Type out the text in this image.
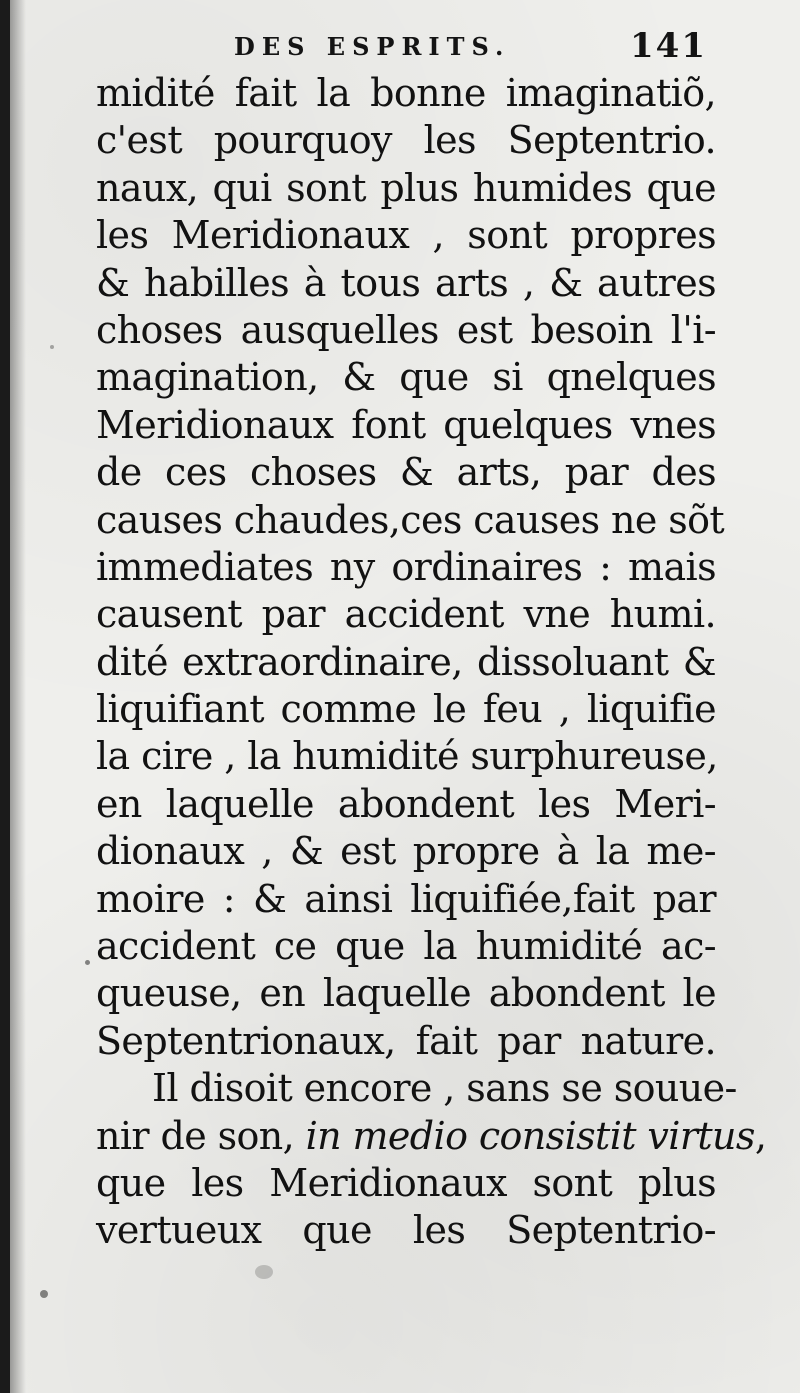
DES ESPRITS.	141
midité fait la bonne imaginatiõ,
c'est pourquoy les Septentrio.
naux, qui sont plus humides que
les Meridionaux , sont propres
& habilles à tous arts , & autres
choses ausquelles est besoin l'i-
magination, & que si qnelques
Meridionaux font quelques vnes
de ces choses & arts, par des
causes chaudes,ces causes ne sõt
immediates ny ordinaires : mais
causent par accident vne humi.
dité extraordinaire, dissoluant &
liquifiant comme le feu , liquifie
la cire , la humidité surphureuse,
en laquelle abondent les Meri-
dionaux , & est propre à la me-
moire : & ainsi liquifiée,fait par
accident ce que la humidité ac-
queuse, en laquelle abondent le
Septentrionaux, fait par nature.
Il disoit encore , sans se souue-
nir de son, in medio consistit virtus,
que les Meridionaux sont plus
vertueux que les Septentrio-
